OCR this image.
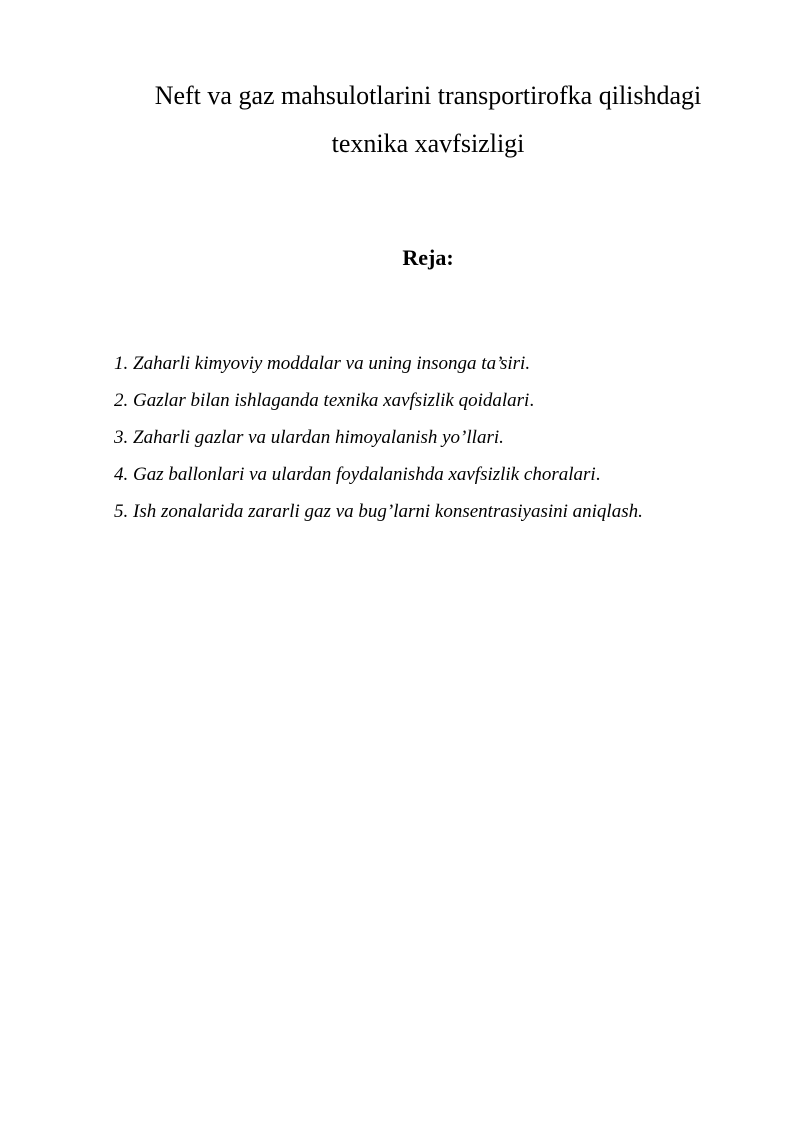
Neft va gaz mahsulotlarini transportirofka qilishdagi
texnika xavfsizligi
Reja:
1. Zaharli kimyoviy moddalar va uning insonga ta’siri.
2. Gazlar bilan ishlaganda texnika xavfsizlik qoidalari.
3. Zaharli gazlar va ulardan himoyalanish yo’llari.
4. Gaz ballonlari va ulardan foydalanishda xavfsizlik choralari.
5. Ish zonalarida zararli gaz va bug’larni konsentrasiyasini aniqlash.
